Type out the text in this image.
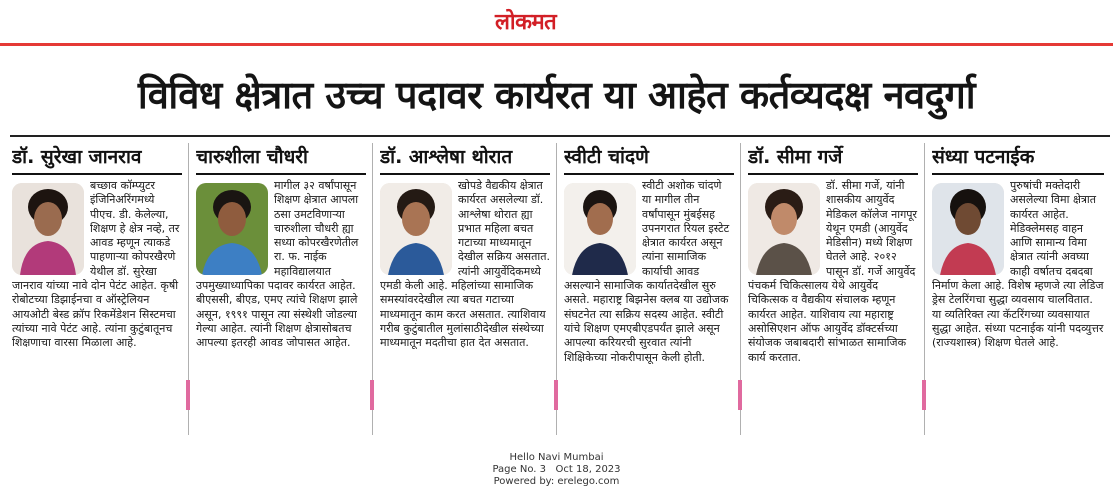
लोकमत
विविध क्षेत्रात उच्च पदावर कार्यरत या आहेत कर्तव्यदक्ष नवदुर्गा
डॉ. सुरेखा जानराव
बच्छाव कॉम्प्युटर इंजिनिअरिंगमध्ये पीएच. डी. केलेल्या, शिक्षण हे क्षेत्र नव्हे, तर आवड म्हणून त्याकडे पाहणाऱ्या कोपरखैरणे येथील डॉ. सुरेखा जानराव यांच्या नावे दोन पेटंट आहेत. कृषी रोबोटच्या डिझाईनचा व ऑस्ट्रेलियन आयओटी बेस्ड क्रॉप रिकमेंडेशन सिस्टमचा त्यांच्या नावे पेटंट आहे. त्यांना कुटुंबातूनच शिक्षणाचा वारसा मिळाला आहे.
चारुशीला चौधरी
मागील ३२ वर्षांपासून शिक्षण क्षेत्रात आपला ठसा उमटविणाऱ्या चारुशीला चौधरी ह्या सध्या कोपरखैरणेतील रा. फ. नाईक महाविद्यालयात उपमुख्याध्यापिका पदावर कार्यरत आहेत. बीएससी, बीएड, एमए त्यांचे शिक्षण झाले असून, १९९१ पासून त्या संस्थेशी जोडल्या गेल्या आहेत. त्यांनी शिक्षण क्षेत्रासोबतच आपल्या इतरही आवड जोपासत आहेत.
डॉ. आश्लेषा थोरात
खोपडे वैद्यकीय क्षेत्रात कार्यरत असलेल्या डॉ. आश्लेषा थोरात ह्या प्रभात महिला बचत गटाच्या माध्यमातून देखील सक्रिय असतात. त्यांनी आयुर्वेदिकमध्ये एमडी केली आहे. महिलांच्या सामाजिक समस्यांवरदेखील त्या बचत गटाच्या माध्यमातून काम करत असतात. त्याशिवाय गरीब कुटुंबातील मुलांसाठीदेखील संस्थेच्या माध्यमातून मदतीचा हात देत असतात.
स्वीटी चांदणे
स्वीटी अशोक चांदणे या मागील तीन वर्षांपासून मुंबईसह उपनगरात रियल इस्टेट क्षेत्रात कार्यरत असून त्यांना सामाजिक कार्याची आवड असल्याने सामाजिक कार्यातदेखील सुरु असते. महाराष्ट्र बिझनेस क्लब या उद्योजक संघटनेत त्या सक्रिय सदस्य आहेत. स्वीटी यांचे शिक्षण एमएबीएडपर्यंत झाले असून आपल्या करियरची सुरवात त्यांनी शिक्षिकेच्या नोकरीपासून केली होती.
डॉ. सीमा गर्जे
डॉ. सीमा गर्जे, यांनी शासकीय आयुर्वेद मेडिकल कॉलेज नागपूर येथून एमडी (आयुर्वेद मेडिसीन) मध्ये शिक्षण घेतले आहे. २०१२ पासून डॉ. गर्जे आयुर्वेद पंचकर्म चिकित्सालय येथे आयुर्वेद चिकित्सक व वैद्यकीय संचालक म्हणून कार्यरत आहेत. याशिवाय त्या महाराष्ट्र असोसिएशन ऑफ आयुर्वेद डॉक्टर्सच्या संयोजक जबाबदारी सांभाळत सामाजिक कार्य करतात.
संध्या पटनाईक
पुरुषांची मक्तेदारी असलेल्या विमा क्षेत्रात कार्यरत आहेत. मेडिक्लेमसह वाहन आणि सामान्य विमा क्षेत्रात त्यांनी अवघ्या काही वर्षातच दबदबा निर्माण केला आहे. विशेष म्हणजे त्या लेडिज ड्रेस टेलरिंगचा सुद्धा व्यवसाय चालवितात. या व्यतिरिक्त त्या कॅटरिंगच्या व्यवसायात सुद्धा आहेत. संध्या पटनाईक यांनी पदव्युत्तर (राज्यशास्त्र) शिक्षण घेतले आहे.
Hello Navi Mumbai
Page No. 3 Oct 18, 2023
Powered by: erelego.com
